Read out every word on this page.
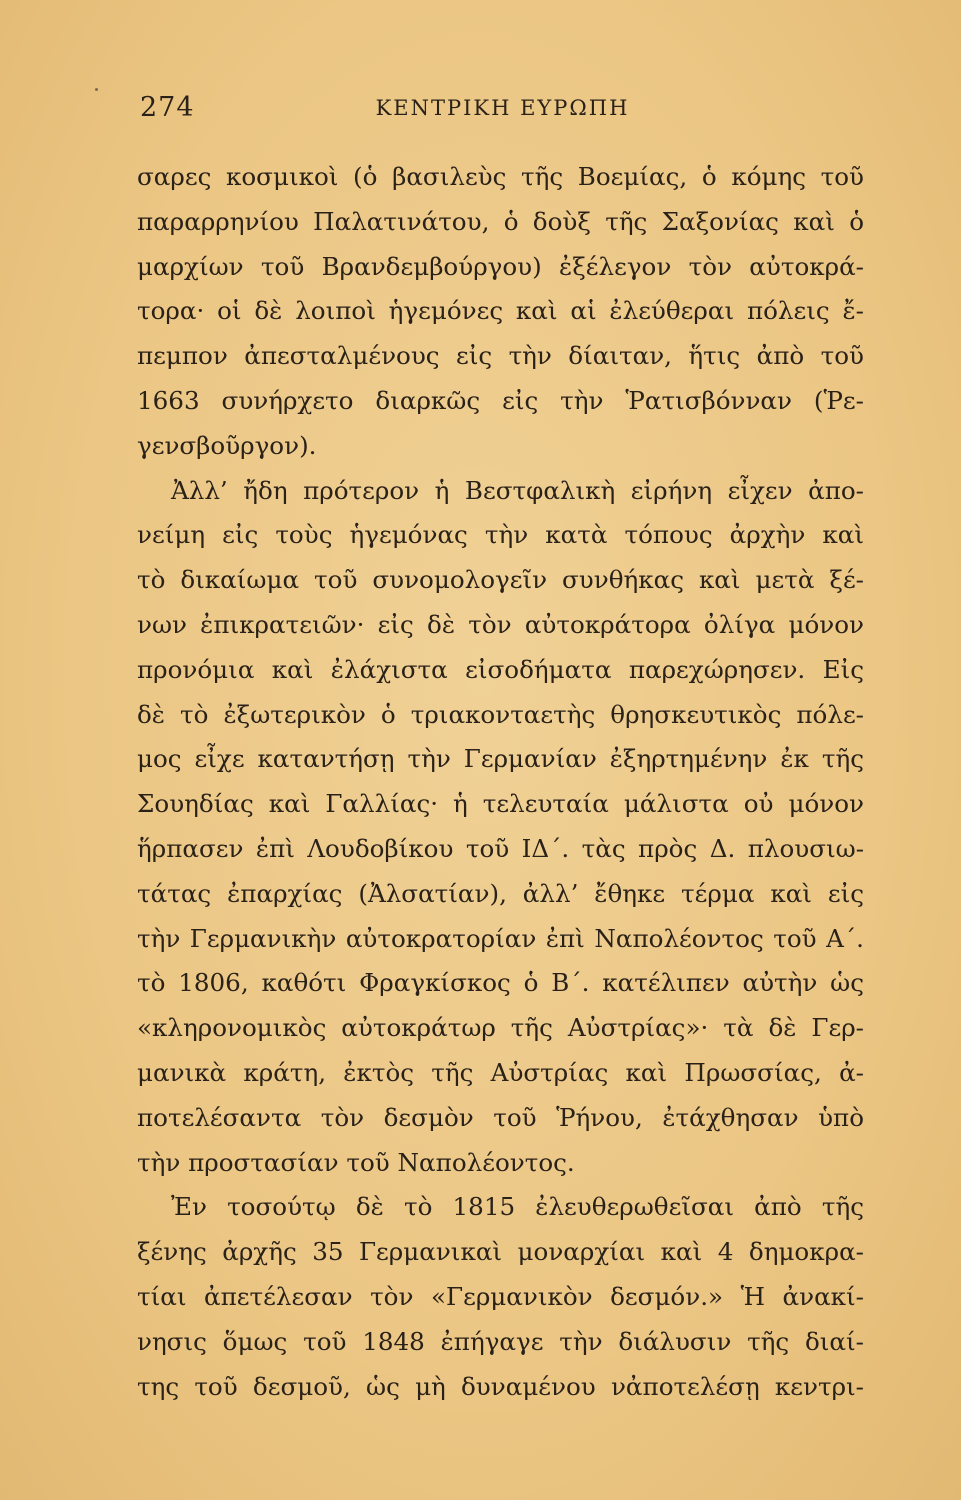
274	ΚΕΝΤΡΙΚΗ ΕΥΡΩΠΗ
σαρες κοσμικοὶ (ὁ βασιλεὺς τῆς Βοεμίας, ὁ κόμης τοῦ
παραρρηνίου Παλατινάτου, ὁ δοὺξ τῆς Σαξονίας καὶ ὁ
μαρχίων τοῦ Βρανδεμβούργου) ἐξέλεγον τὸν αὐτοκρά-
τορα· οἱ δὲ λοιποὶ ἡγεμόνες καὶ αἱ ἐλεύθεραι πόλεις ἔ-
πεμπον ἀπεσταλμένους εἰς τὴν δίαιταν, ἥτις ἀπὸ τοῦ
1663 συνήρχετο διαρκῶς εἰς τὴν Ῥατισβόνναν (Ῥε-
γενσβοῦργον).
Ἀλλ’ ἤδη πρότερον ἡ Βεστφαλικὴ εἰρήνη εἶχεν ἀπο-
νείμη εἰς τοὺς ἡγεμόνας τὴν κατὰ τόπους ἀρχὴν καὶ
τὸ δικαίωμα τοῦ συνομολογεῖν συνθήκας καὶ μετὰ ξέ-
νων ἐπικρατειῶν· εἰς δὲ τὸν αὐτοκράτορα ὀλίγα μόνον
προνόμια καὶ ἐλάχιστα εἰσοδήματα παρεχώρησεν. Εἰς
δὲ τὸ ἐξωτερικὸν ὁ τριακονταετὴς θρησκευτικὸς πόλε-
μος εἶχε καταντήσῃ τὴν Γερμανίαν ἐξηρτημένην ἐκ τῆς
Σουηδίας καὶ Γαλλίας· ἡ τελευταία μάλιστα οὐ μόνον
ἥρπασεν ἐπὶ Λουδοβίκου τοῦ ΙΔ΄. τὰς πρὸς Δ. πλουσιω-
τάτας ἐπαρχίας (Ἀλσατίαν), ἀλλ’ ἔθηκε τέρμα καὶ εἰς
τὴν Γερμανικὴν αὐτοκρατορίαν ἐπὶ Ναπολέοντος τοῦ Α΄.
τὸ 1806, καθότι Φραγκίσκος ὁ Β΄. κατέλιπεν αὐτὴν ὡς
«κληρονομικὸς αὐτοκράτωρ τῆς Αὐστρίας»· τὰ δὲ Γερ-
μανικὰ κράτη, ἐκτὸς τῆς Αὐστρίας καὶ Πρωσσίας, ἀ-
ποτελέσαντα τὸν δεσμὸν τοῦ Ῥήνου, ἐτάχθησαν ὑπὸ
τὴν προστασίαν τοῦ Ναπολέοντος.
Ἐν τοσούτῳ δὲ τὸ 1815 ἐλευθερωθεῖσαι ἀπὸ τῆς
ξένης ἀρχῆς 35 Γερμανικαὶ μοναρχίαι καὶ 4 δημοκρα-
τίαι ἀπετέλεσαν τὸν «Γερμανικὸν δεσμόν.» Ἡ ἀνακί-
νησις ὅμως τοῦ 1848 ἐπήγαγε τὴν διάλυσιν τῆς διαί-
της τοῦ δεσμοῦ, ὡς μὴ δυναμένου νἀποτελέσῃ κεντρι-
